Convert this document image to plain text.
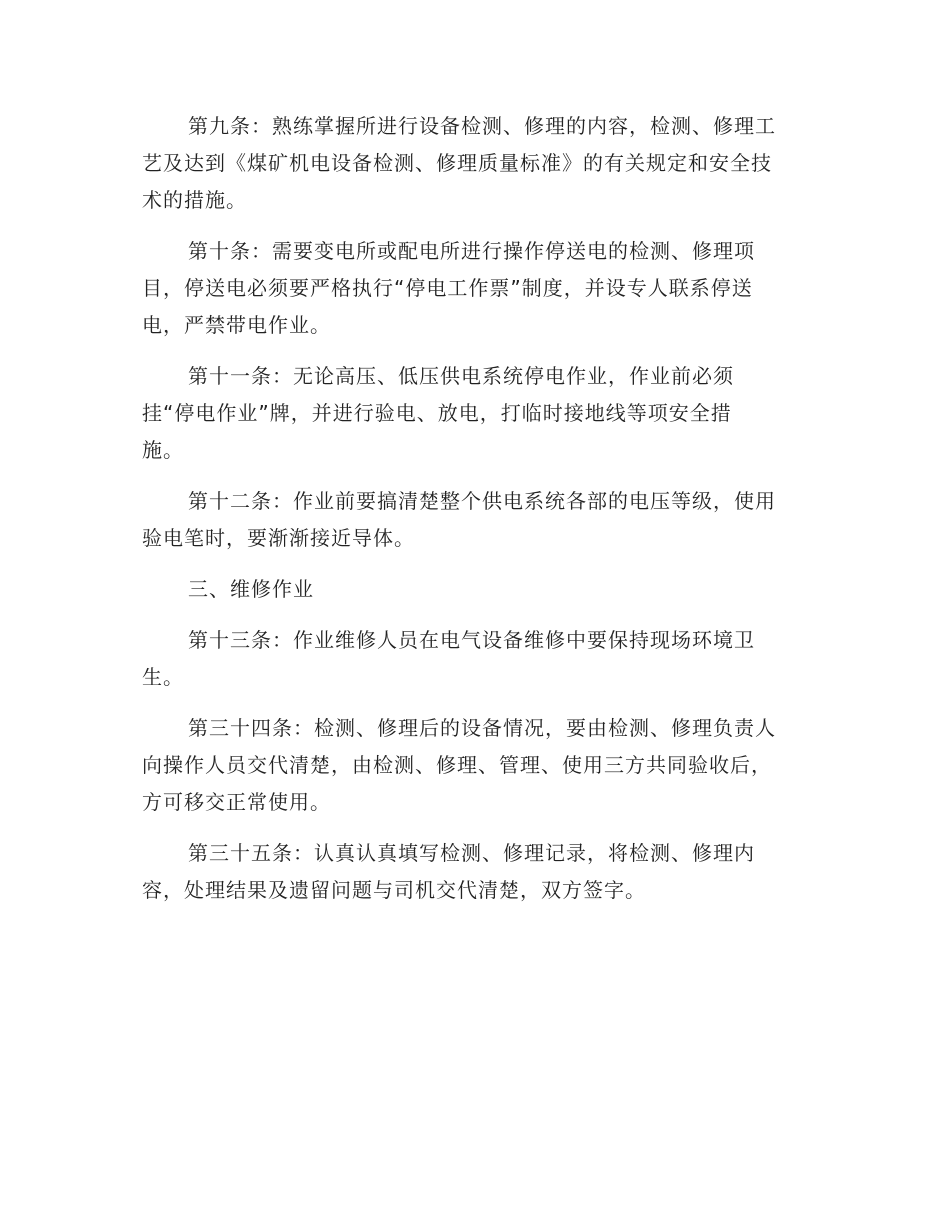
第九条：熟练掌握所进行设备检测、修理的内容，检测、修理工
艺及达到《煤矿机电设备检测、修理质量标准》的有关规定和安全技
术的措施。

第十条：需要变电所或配电所进行操作停送电的检测、修理项
目，停送电必须要严格执行“停电工作票”制度，并设专人联系停送
电，严禁带电作业。

第十一条：无论高压、低压供电系统停电作业，作业前必须
挂“停电作业”牌，并进行验电、放电，打临时接地线等项安全措
施。

第十二条：作业前要搞清楚整个供电系统各部的电压等级，使用
验电笔时，要渐渐接近导体。

三、维修作业

第十三条：作业维修人员在电气设备维修中要保持现场环境卫
生。

第三十四条：检测、修理后的设备情况，要由检测、修理负责人
向操作人员交代清楚，由检测、修理、管理、使用三方共同验收后，
方可移交正常使用。

第三十五条：认真认真填写检测、修理记录，将检测、修理内
容，处理结果及遗留问题与司机交代清楚，双方签字。
